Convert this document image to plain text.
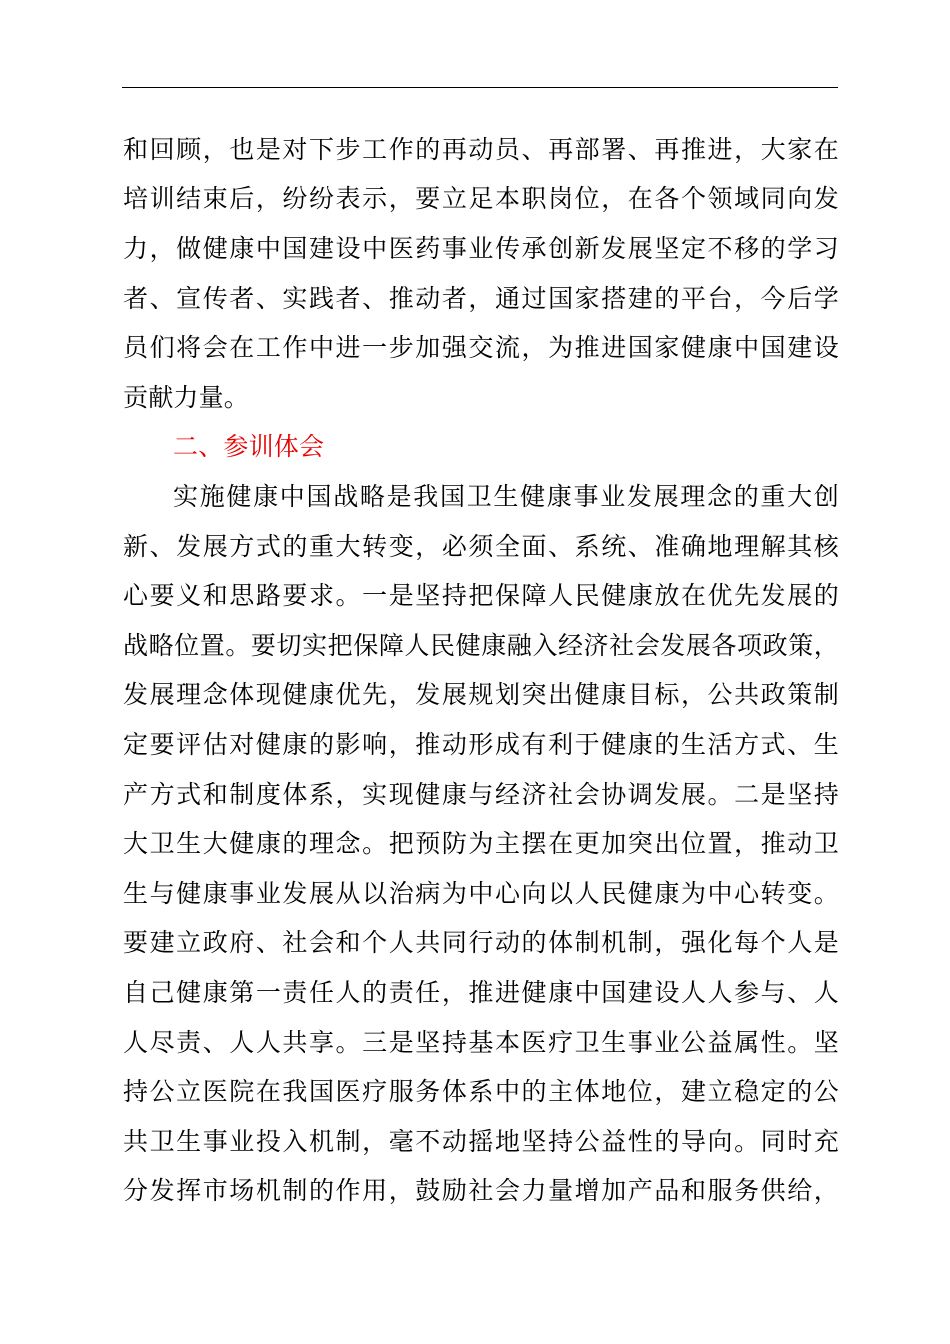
和回顾，也是对下步工作的再动员、再部署、再推进，大家在
培训结束后，纷纷表示，要立足本职岗位，在各个领域同向发
力，做健康中国建设中医药事业传承创新发展坚定不移的学习
者、宣传者、实践者、推动者，通过国家搭建的平台，今后学
员们将会在工作中进一步加强交流，为推进国家健康中国建设
贡献力量。
二、参训体会
实施健康中国战略是我国卫生健康事业发展理念的重大创
新、发展方式的重大转变，必须全面、系统、准确地理解其核
心要义和思路要求。一是坚持把保障人民健康放在优先发展的
战略位置。要切实把保障人民健康融入经济社会发展各项政策，
发展理念体现健康优先，发展规划突出健康目标，公共政策制
定要评估对健康的影响，推动形成有利于健康的生活方式、生
产方式和制度体系，实现健康与经济社会协调发展。二是坚持
大卫生大健康的理念。把预防为主摆在更加突出位置，推动卫
生与健康事业发展从以治病为中心向以人民健康为中心转变。
要建立政府、社会和个人共同行动的体制机制，强化每个人是
自己健康第一责任人的责任，推进健康中国建设人人参与、人
人尽责、人人共享。三是坚持基本医疗卫生事业公益属性。坚
持公立医院在我国医疗服务体系中的主体地位，建立稳定的公
共卫生事业投入机制，毫不动摇地坚持公益性的导向。同时充
分发挥市场机制的作用，鼓励社会力量增加产品和服务供给，
